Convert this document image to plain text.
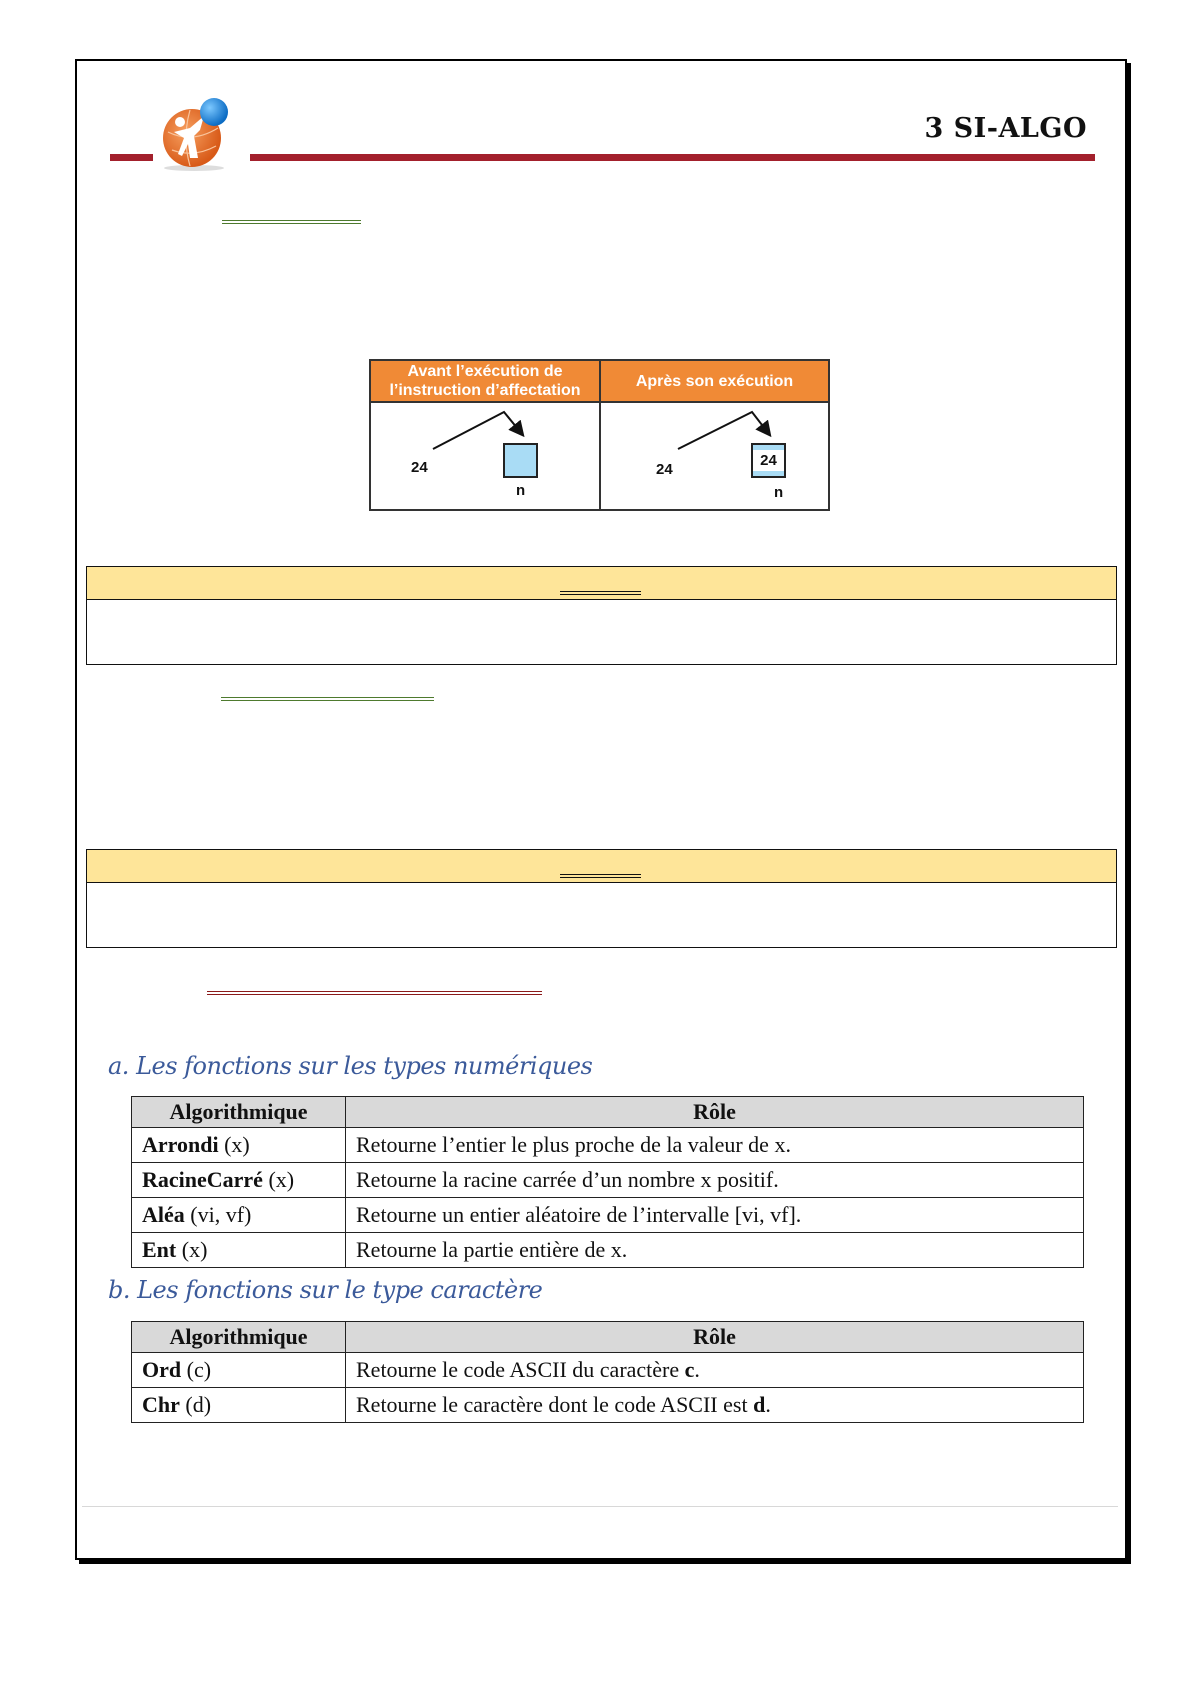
3 SI-ALGO
Avant l’exécution de l’instruction d’affectation
Après son exécution
24
n
24
24
n
a. Les fonctions sur les types numériques
Algorithmique	Rôle
Arrondi (x)	Retourne l’entier le plus proche de la valeur de x.
RacineCarré (x)	Retourne la racine carrée d’un nombre x positif.
Aléa (vi, vf)	Retourne un entier aléatoire de l’intervalle [vi, vf].
Ent (x)	Retourne la partie entière de x.
b. Les fonctions sur le type caractère
Algorithmique	Rôle
Ord (c)	Retourne le code ASCII du caractère c.
Chr (d)	Retourne le caractère dont le code ASCII est d.
